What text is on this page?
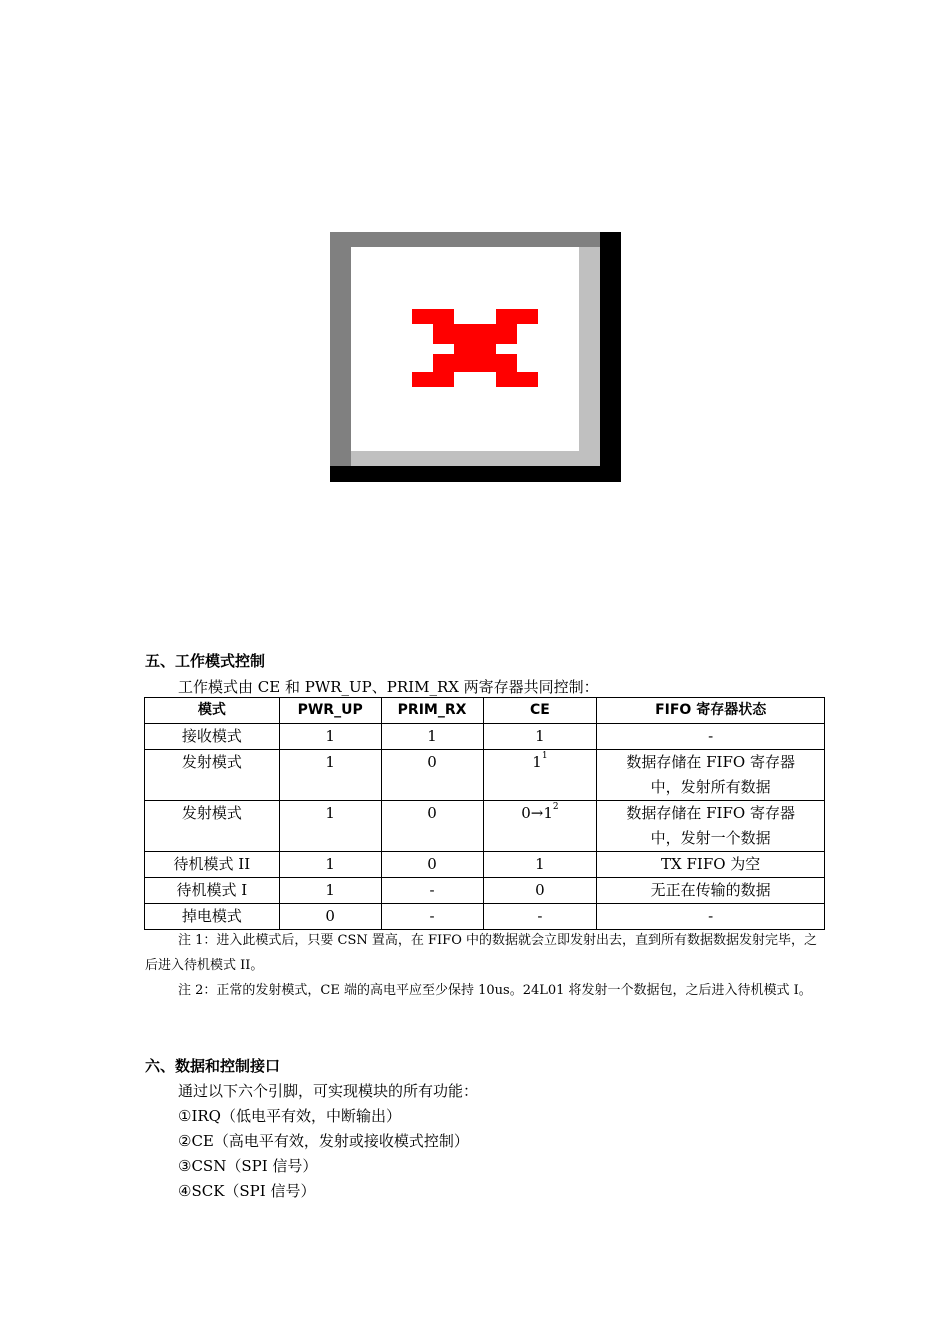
五、工作模式控制
工作模式由 CE 和 PWR_UP、PRIM_RX 两寄存器共同控制：
模式	PWR_UP	PRIM_RX	CE	FIFO 寄存器状态
接收模式	1	1	1	-
发射模式	1	0	$1^1$	数据存储在 FIFO 寄存器中，发射所有数据
发射模式	1	0	$0\to 1^2$	数据存储在 FIFO 寄存器中，发射一个数据
待机模式 II	1	0	1	TX FIFO 为空
待机模式 I	1	-	0	无正在传输的数据
掉电模式	0	-	-	-
注 1：进入此模式后，只要 CSN 置高，在 FIFO 中的数据就会立即发射出去，直到所有数据数据发射完毕，之后进入待机模式 II。
注 2：正常的发射模式，CE 端的高电平应至少保持 10us。24L01 将发射一个数据包，之后进入待机模式 I。
六、数据和控制接口
通过以下六个引脚，可实现模块的所有功能：
①IRQ（低电平有效，中断输出）
②CE（高电平有效，发射或接收模式控制）
③CSN（SPI 信号）
④SCK（SPI 信号）
